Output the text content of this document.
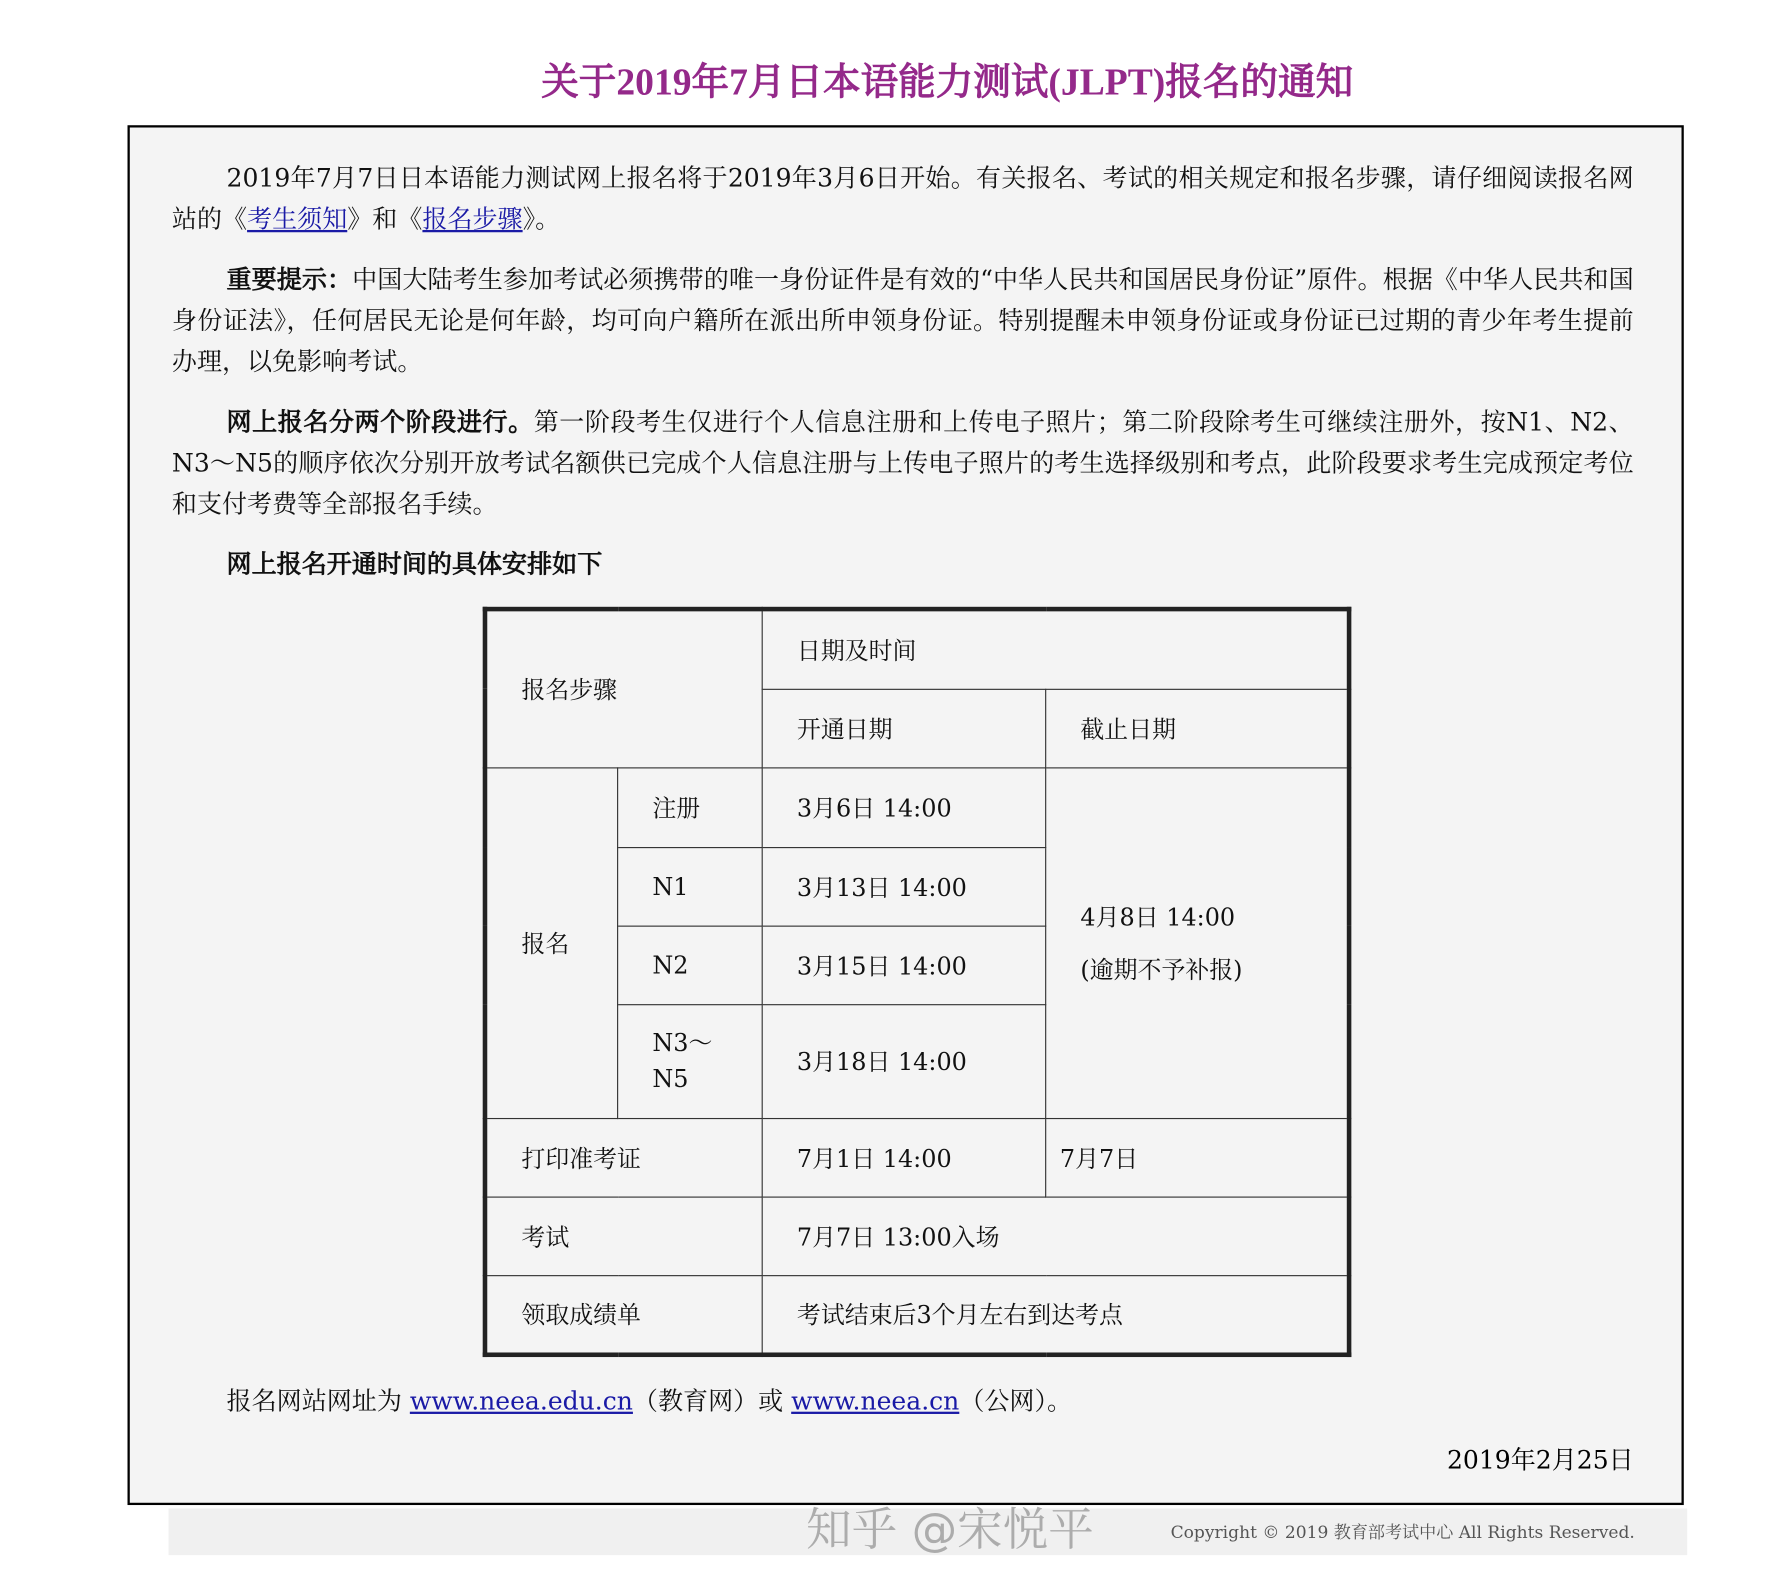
关于2019年7月日本语能力测试(JLPT)报名的通知
2019年7月7日日本语能力测试网上报名将于2019年3月6日开始。有关报名、考试的相关规定和报名步骤，请仔细阅读报名网站的《考生须知》和《报名步骤》。
重要提示：中国大陆考生参加考试必须携带的唯一身份证件是有效的“中华人民共和国居民身份证”原件。根据《中华人民共和国身份证法》，任何居民无论是何年龄，均可向户籍所在派出所申领身份证。特别提醒未申领身份证或身份证已过期的青少年考生提前办理，以免影响考试。
网上报名分两个阶段进行。第一阶段考生仅进行个人信息注册和上传电子照片；第二阶段除考生可继续注册外，按N1、N2、N3～N5的顺序依次分别开放考试名额供已完成个人信息注册与上传电子照片的考生选择级别和考点，此阶段要求考生完成预定考位和支付考费等全部报名手续。
网上报名开通时间的具体安排如下
报名步骤		日期及时间	
		开通日期	截止日期
报名	注册	3月6日 14:00	4月8日 14:00
(逾期不予补报)

	N1	3月13日 14:00	
	N2	3月15日 14:00	
	N3～N5	3月18日 14:00	
打印准考证		7月1日 14:00	7月7日
考试		7月7日 13:00入场	
领取成绩单		考试结束后3个月左右到达考点	
报名网站网址为 www.neea.edu.cn（教育网）或 www.neea.cn（公网）。
2019年2月25日
知乎 @宋悦平	Copyright © 2019 教育部考试中心 All Rights Reserved.
